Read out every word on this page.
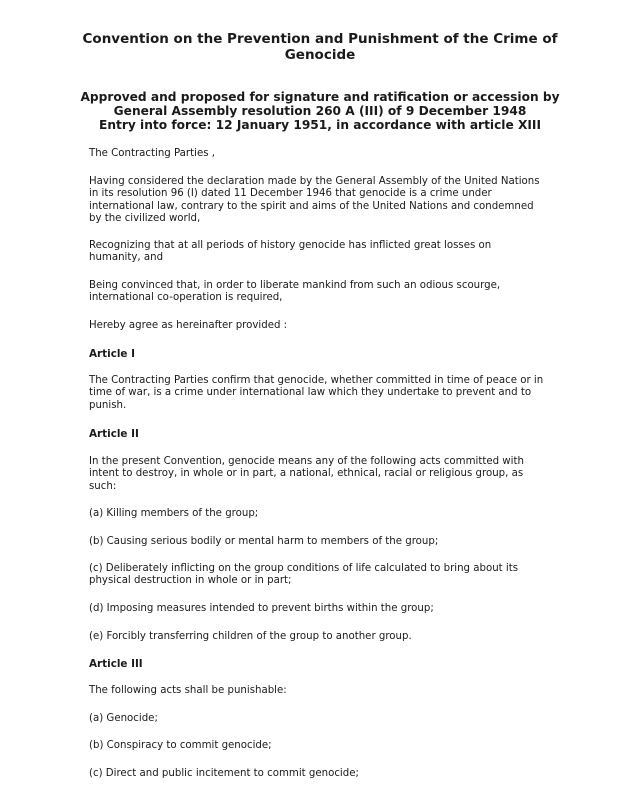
Convention on the Prevention and Punishment of the Crime of
Genocide
Approved and proposed for signature and ratification or accession by
General Assembly resolution 260 A (III) of 9 December 1948
Entry into force: 12 January 1951, in accordance with article XIII

The Contracting Parties ,

Having considered the declaration made by the General Assembly of the United Nations
in its resolution 96 (I) dated 11 December 1946 that genocide is a crime under
international law, contrary to the spirit and aims of the United Nations and condemned
by the civilized world,

Recognizing that at all periods of history genocide has inflicted great losses on
humanity, and

Being convinced that, in order to liberate mankind from such an odious scourge,
international co-operation is required,

Hereby agree as hereinafter provided :

Article I

The Contracting Parties confirm that genocide, whether committed in time of peace or in
time of war, is a crime under international law which they undertake to prevent and to
punish.

Article II

In the present Convention, genocide means any of the following acts committed with
intent to destroy, in whole or in part, a national, ethnical, racial or religious group, as
such:

(a) Killing members of the group;

(b) Causing serious bodily or mental harm to members of the group;

(c) Deliberately inflicting on the group conditions of life calculated to bring about its
physical destruction in whole or in part;

(d) Imposing measures intended to prevent births within the group;

(e) Forcibly transferring children of the group to another group.

Article III

The following acts shall be punishable:

(a) Genocide;

(b) Conspiracy to commit genocide;

(c) Direct and public incitement to commit genocide;
